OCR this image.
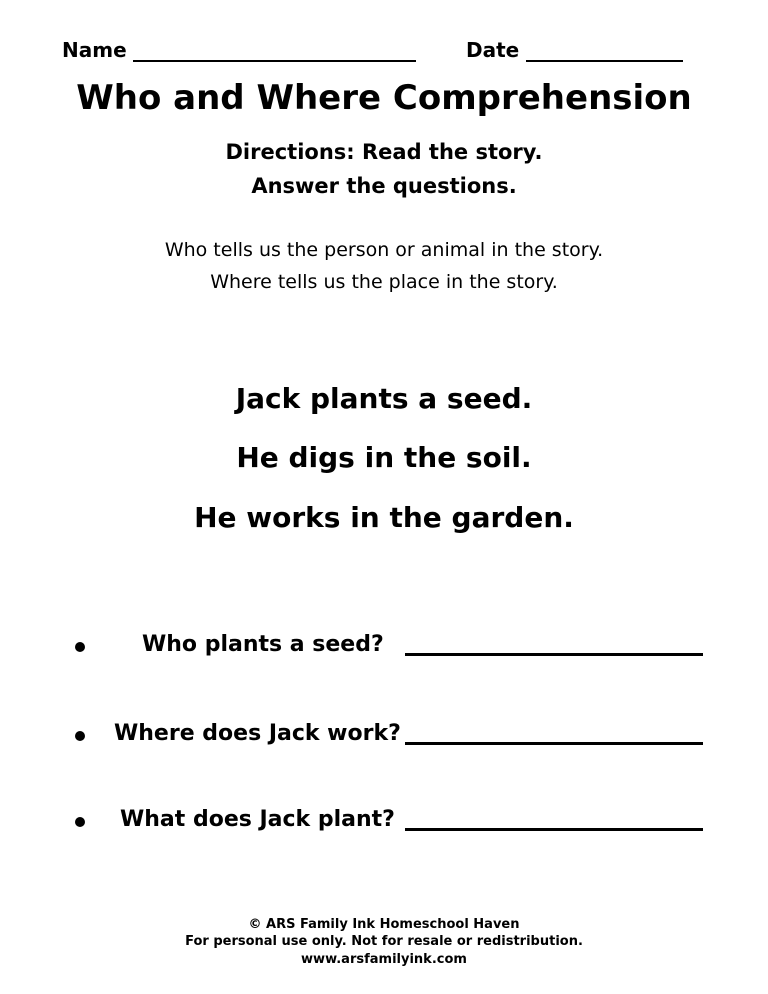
Name	Date
Who and Where Comprehension
Directions: Read the story.
Answer the questions.
Who tells us the person or animal in the story.
Where tells us the place in the story.
Jack plants a seed.
He digs in the soil.
He works in the garden.
Who plants a seed?
Where does Jack work?
What does Jack plant?
© ARS Family Ink Homeschool Haven
For personal use only. Not for resale or redistribution.
www.arsfamilyink.com
